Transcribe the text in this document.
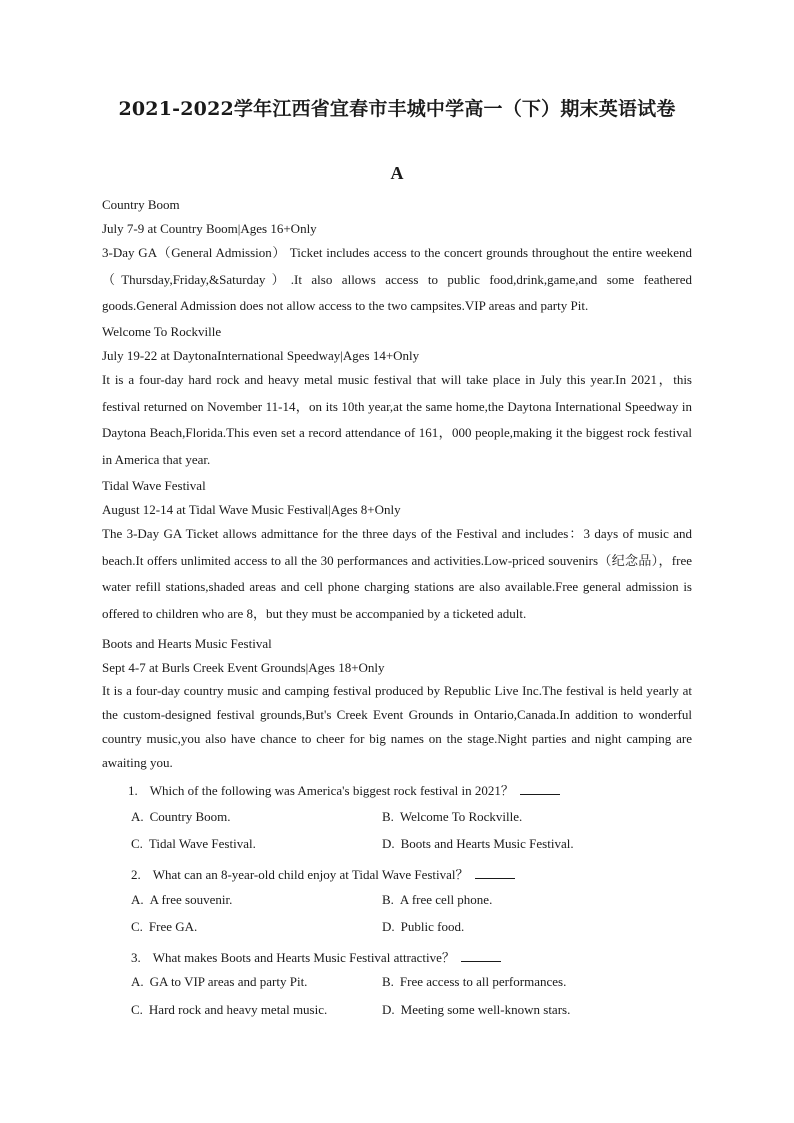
2021-2022学年江西省宜春市丰城中学高一（下）期末英语试卷
A
Country Boom
July 7-9 at Country Boom|Ages 16+Only
3-Day GA（General Admission） Ticket includes access to the concert grounds throughout the entire weekend（Thursday,Friday,&Saturday）.It also allows access to public food,drink,game,and some feathered goods.General Admission does not allow access to the two campsites.VIP areas and party Pit.
Welcome To Rockville
July 19-22 at DaytonaInternational Speedway|Ages 14+Only
It is a four-day hard rock and heavy metal music festival that will take place in July this year.In 2021，this festival returned on November 11-14，on its 10th year,at the same home,the Daytona International Speedway in Daytona Beach,Florida.This even set a record attendance of 161，000 people,making it the biggest rock festival in America that year.
Tidal Wave Festival
August 12-14 at Tidal Wave Music Festival|Ages 8+Only
The 3-Day GA Ticket allows admittance for the three days of the Festival and includes：3 days of music and beach.It offers unlimited access to all the 30 performances and activities.Low-priced souvenirs（纪念品），free water refill stations,shaded areas and cell phone charging stations are also available.Free general admission is offered to children who are 8，but they must be accompanied by a ticketed adult.
Boots and Hearts Music Festival
Sept 4-7 at Burls Creek Event Grounds|Ages 18+Only
It is a four-day country music and camping festival produced by Republic Live Inc.The festival is held yearly at the custom-designed festival grounds,But's Creek Event Grounds in Ontario,Canada.In addition to wonderful country music,you also have chance to cheer for big names on the stage.Night parties and night camping are awaiting you.
1. Which of the following was America's biggest rock festival in 2021？
A. Country Boom.	B. Welcome To Rockville.
C. Tidal Wave Festival.	D. Boots and Hearts Music Festival.
2. What can an 8-year-old child enjoy at Tidal Wave Festival？
A. A free souvenir.	B. A free cell phone.
C. Free GA.	D. Public food.
3. What makes Boots and Hearts Music Festival attractive？
A. GA to VIP areas and party Pit.	B. Free access to all performances.
C. Hard rock and heavy metal music.	D. Meeting some well-known stars.
